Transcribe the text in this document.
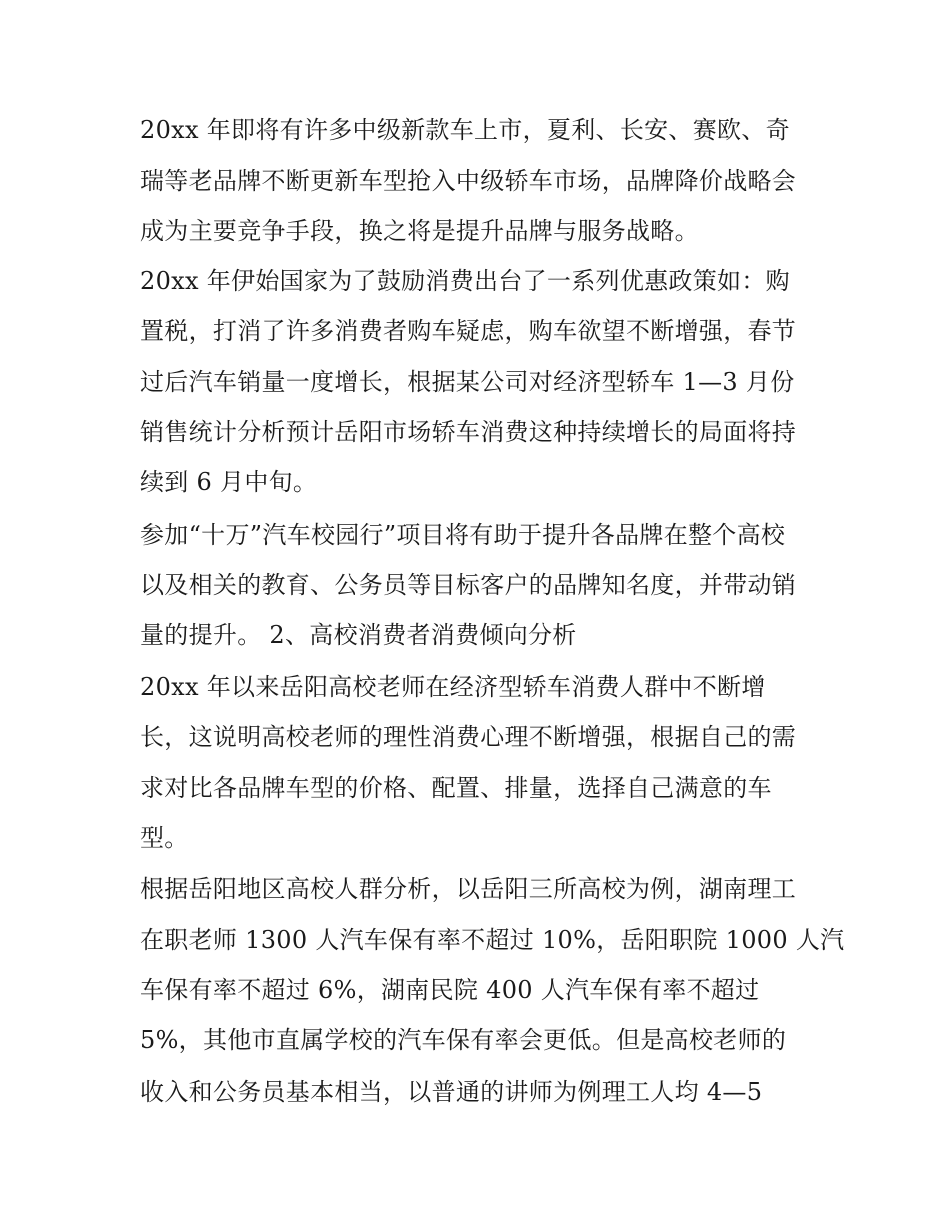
20xx 年即将有许多中级新款车上市，夏利、长安、赛欧、奇
瑞等老品牌不断更新车型抢入中级轿车市场，品牌降价战略会
成为主要竞争手段，换之将是提升品牌与服务战略。
20xx 年伊始国家为了鼓励消费出台了一系列优惠政策如：购
置税，打消了许多消费者购车疑虑，购车欲望不断增强，春节
过后汽车销量一度增长，根据某公司对经济型轿车 1—3 月份
销售统计分析预计岳阳市场轿车消费这种持续增长的局面将持
续到 6 月中旬。
参加“十万”汽车校园行”项目将有助于提升各品牌在整个高校
以及相关的教育、公务员等目标客户的品牌知名度，并带动销
量的提升。 2、高校消费者消费倾向分析
20xx 年以来岳阳高校老师在经济型轿车消费人群中不断增
长，这说明高校老师的理性消费心理不断增强，根据自己的需
求对比各品牌车型的价格、配置、排量，选择自己满意的车
型。
根据岳阳地区高校人群分析，以岳阳三所高校为例，湖南理工
在职老师 1300 人汽车保有率不超过 10%，岳阳职院 1000 人汽
车保有率不超过 6%，湖南民院 400 人汽车保有率不超过
5%，其他市直属学校的汽车保有率会更低。但是高校老师的
收入和公务员基本相当，以普通的讲师为例理工人均 4—5
